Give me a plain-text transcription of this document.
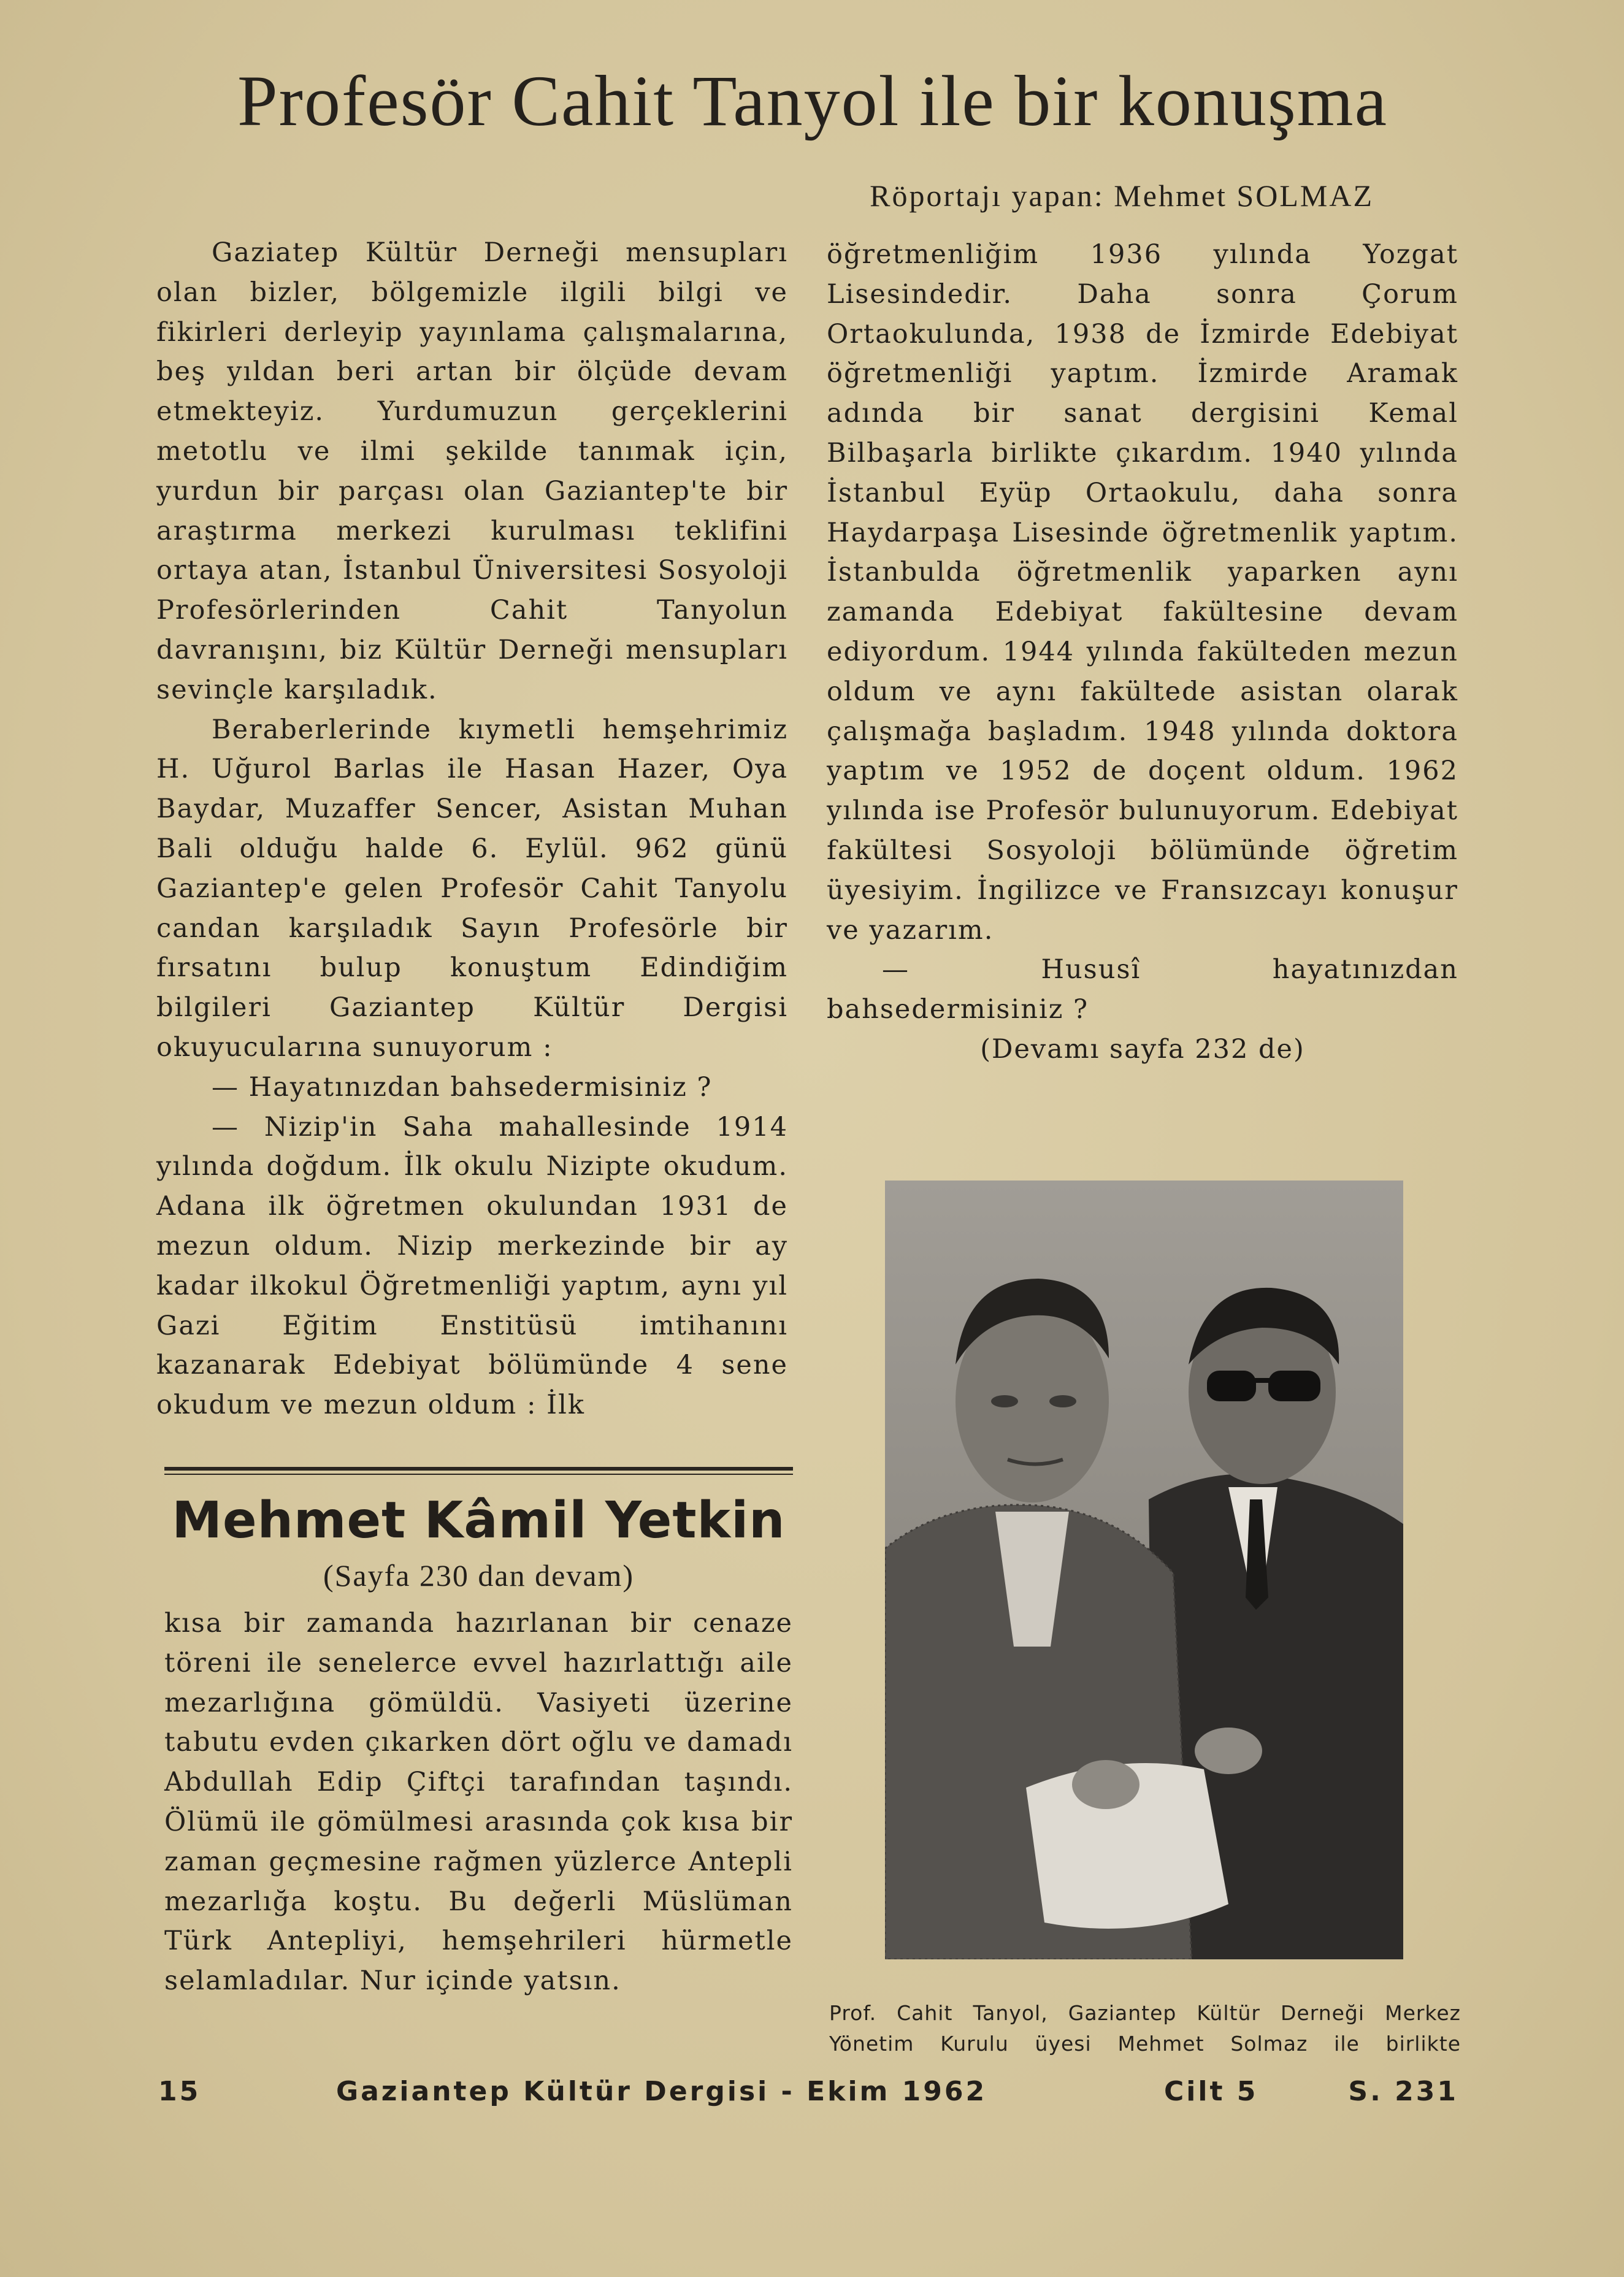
Profesör Cahit Tanyol ile bir konuşma
Röportajı yapan: Mehmet SOLMAZ

Gaziatep Kültür Derneği mensupları olan bizler, bölgemizle ilgili bilgi ve fikirleri derleyip yayınlama çalışmalarına, beş yıldan beri artan bir ölçüde devam etmekteyiz. Yurdumuzun gerçeklerini metotlu ve ilmi şekilde tanımak için, yurdun bir parçası olan Gaziantep'te bir araştırma merkezi kurulması teklifini ortaya atan, İstanbul Üniversitesi Sosyoloji Profesörlerinden Cahit Tanyolun davranışını, biz Kültür Derneği mensupları sevinçle karşıladık.

Beraberlerinde kıymetli hemşehrimiz H. Uğurol Barlas ile Hasan Hazer, Oya Baydar, Muzaffer Sencer, Asistan Muhan Bali olduğu halde 6. Eylül. 962 günü Gaziantep'e gelen Profesör Cahit Tanyolu candan karşıladık Sayın Profesörle bir fırsatını bulup konuştum Edindiğim bilgileri Gaziantep Kültür Dergisi okuyucularına sunuyorum :

— Hayatınızdan bahsedermisiniz ?

— Nizip'in Saha mahallesinde 1914 yılında doğdum. İlk okulu Nizipte okudum. Adana ilk öğretmen okulundan 1931 de mezun oldum. Nizip merkezinde bir ay kadar ilkokul Öğretmenliği yaptım, aynı yıl Gazi Eğitim Enstitüsü imtihanını kazanarak Edebiyat bölümünde 4 sene okudum ve mezun oldum : İlk

öğretmenliğim 1936 yılında Yozgat Lisesindedir. Daha sonra Çorum Ortaokulunda, 1938 de İzmirde Edebiyat öğretmenliği yaptım. İzmirde Aramak adında bir sanat dergisini Kemal Bilbaşarla birlikte çıkardım. 1940 yılında İstanbul Eyüp Ortaokulu, daha sonra Haydarpaşa Lisesinde öğretmenlik yaptım. İstanbulda öğretmenlik yaparken aynı zamanda Edebiyat fakültesine devam ediyordum. 1944 yılında fakülteden mezun oldum ve aynı fakültede asistan olarak çalışmağa başladım. 1948 yılında doktora yaptım ve 1952 de doçent oldum. 1962 yılında ise Profesör bulunuyorum. Edebiyat fakültesi Sosyoloji bölümünde öğretim üyesiyim. İngilizce ve Fransızcayı konuşur ve yazarım.

— Hususî hayatınızdan bahsedermisiniz ?

(Devamı sayfa 232 de)

Mehmet Kâmil Yetkin
(Sayfa 230 dan devam)

kısa bir zamanda hazırlanan bir cenaze töreni ile senelerce evvel hazırlattığı aile mezarlığına gömüldü. Vasiyeti üzerine tabutu evden çıkarken dört oğlu ve damadı Abdullah Edip Çiftçi tarafından taşındı. Ölümü ile gömülmesi arasında çok kısa bir zaman geçmesine rağmen yüzlerce Antepli mezarlığa koştu. Bu değerli Müslüman Türk Antepliyi, hemşehrileri hürmetle selamladılar. Nur içinde yatsın.

Prof. Cahit Tanyol, Gaziantep Kültür Derneği Merkez Yönetim Kurulu üyesi Mehmet Solmaz ile birlikte
15	Gaziantep Kültür Dergisi - Ekim 1962	Cilt 5	S. 231
